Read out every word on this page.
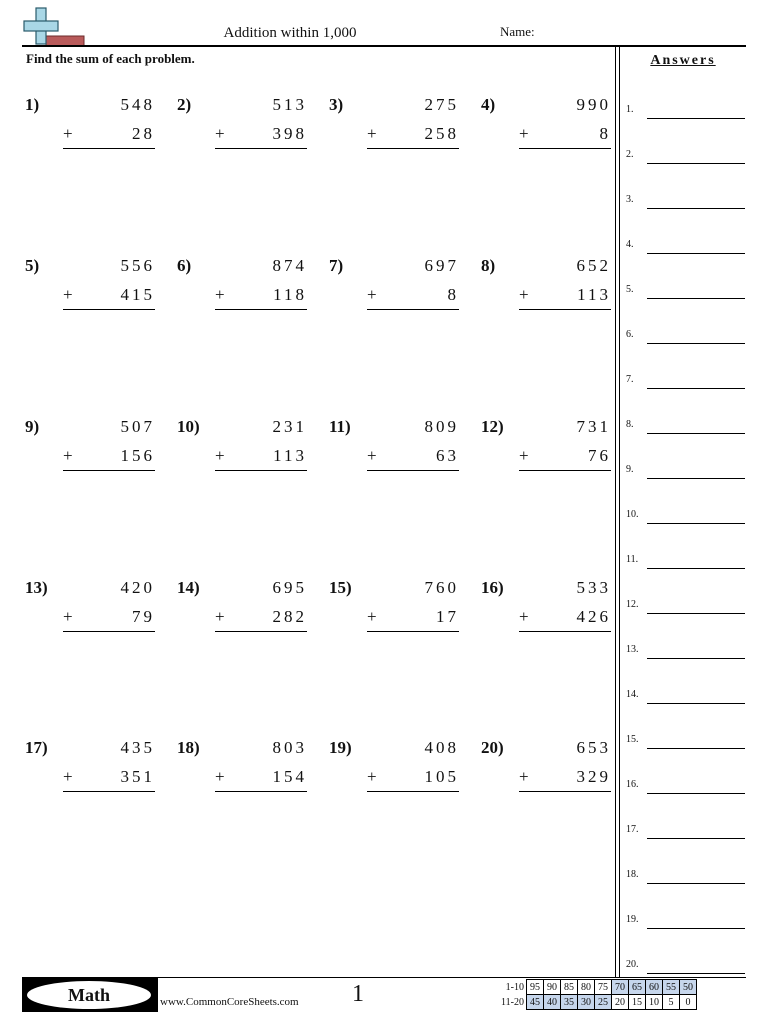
Addition within 1,000	Name:
Find the sum of each problem.	Answers
1.
2.
3.
4.
5.
6.
7.
8.
9.
10.
11.
12.
13.
14.
15.
16.
17.
18.
19.
20.
1)	548
+	28
2)	513
+	398
3)	275
+	258
4)	990
+	8
5)	556
+	415
6)	874
+	118
7)	697
+	8
8)	652
+	113
9)	507
+	156
10)	231
+	113
11)	809
+	63
12)	731
+	76
13)	420
+	79
14)	695
+	282
15)	760
+	17
16)	533
+	426
17)	435
+	351
18)	803
+	154
19)	408
+	105
20)	653
+	329
Math	www.CommonCoreSheets.com 1	1-10	95	90	85	80	75	70	65	60	55	50
11-20	45	40	35	30	25	20	15	10	5	0
